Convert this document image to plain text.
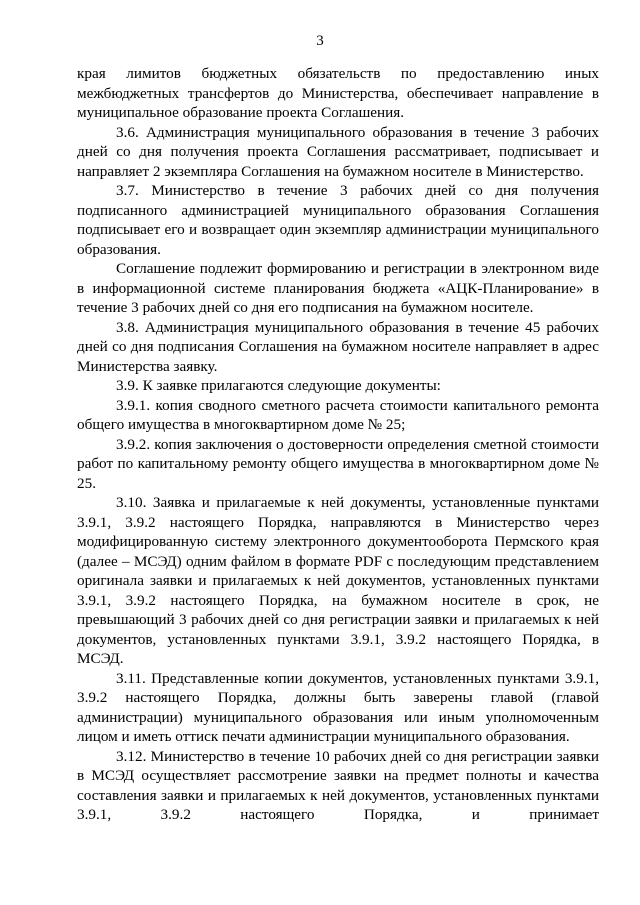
3

края лимитов бюджетных обязательств по предоставлению иных межбюджетных трансфертов до Министерства, обеспечивает направление в муниципальное образование проекта Соглашения.

3.6. Администрация муниципального образования в течение 3 рабочих дней со дня получения проекта Соглашения рассматривает, подписывает и направляет 2 экземпляра Соглашения на бумажном носителе в Министерство.

3.7. Министерство в течение 3 рабочих дней со дня получения подписанного администрацией муниципального образования Соглашения подписывает его и возвращает один экземпляр администрации муниципального образования.

Соглашение подлежит формированию и регистрации в электронном виде в информационной системе планирования бюджета «АЦК-Планирование» в течение 3 рабочих дней со дня его подписания на бумажном носителе.

3.8. Администрация муниципального образования в течение 45 рабочих дней со дня подписания Соглашения на бумажном носителе направляет в адрес Министерства заявку.

3.9. К заявке прилагаются следующие документы:

3.9.1. копия сводного сметного расчета стоимости капитального ремонта общего имущества в многоквартирном доме № 25;

3.9.2. копия заключения о достоверности определения сметной стоимости работ по капитальному ремонту общего имущества в многоквартирном доме № 25.

3.10. Заявка и прилагаемые к ней документы, установленные пунктами 3.9.1, 3.9.2 настоящего Порядка, направляются в Министерство через модифицированную систему электронного документооборота Пермского края (далее – МСЭД) одним файлом в формате PDF с последующим представлением оригинала заявки и прилагаемых к ней документов, установленных пунктами 3.9.1, 3.9.2 настоящего Порядка, на бумажном носителе в срок, не превышающий 3 рабочих дней со дня регистрации заявки и прилагаемых к ней документов, установленных пунктами 3.9.1, 3.9.2 настоящего Порядка, в МСЭД.

3.11. Представленные копии документов, установленных пунктами 3.9.1, 3.9.2 настоящего Порядка, должны быть заверены главой (главой администрации) муниципального образования или иным уполномоченным лицом и иметь оттиск печати администрации муниципального образования.

3.12. Министерство в течение 10 рабочих дней со дня регистрации заявки в МСЭД осуществляет рассмотрение заявки на предмет полноты и качества составления заявки и прилагаемых к ней документов, установленных пунктами 3.9.1, 3.9.2 настоящего Порядка, и принимает
